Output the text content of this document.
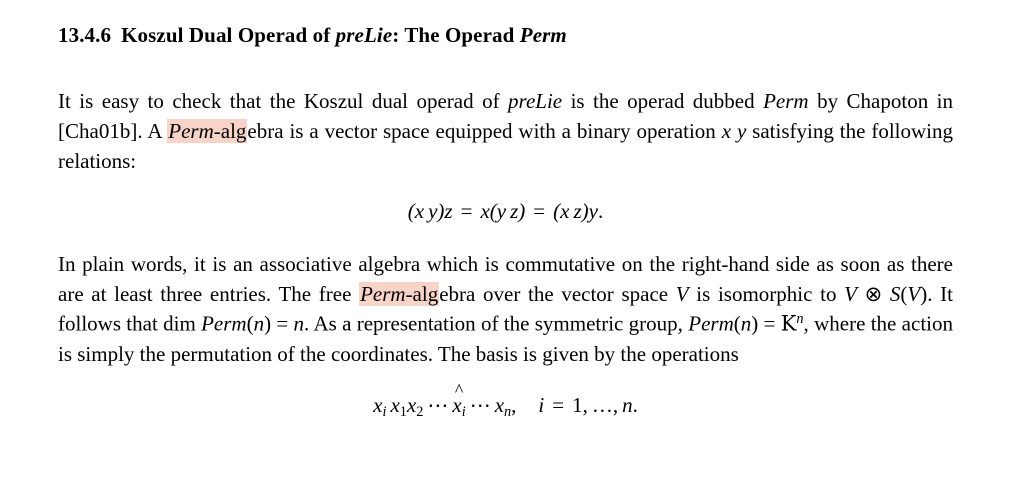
13.4.6 Koszul Dual Operad of preLie: The Operad Perm

It is easy to check that the Koszul dual operad of preLie is the operad dubbed Perm by Chapoton in [Cha01b]. A Perm-algebra is a vector space equipped with a binary operation x y satisfying the following relations:

(x y)z = x(y z) = (x z)y.

In plain words, it is an associative algebra which is commutative on the right-hand side as soon as there are at least three entries. The free Perm-algebra over the vector space V is isomorphic to V ⊗ S(V). It follows that dim Perm(n) = n. As a representation of the symmetric group, Perm(n) = $K^n$, where the action is simply the permutation of the coordinates. The basis is given by the operations

$x_i$ $x_1x_2$ ⋯
^
$x_i$ ⋯ $x_n$, i = 1, …, n.
